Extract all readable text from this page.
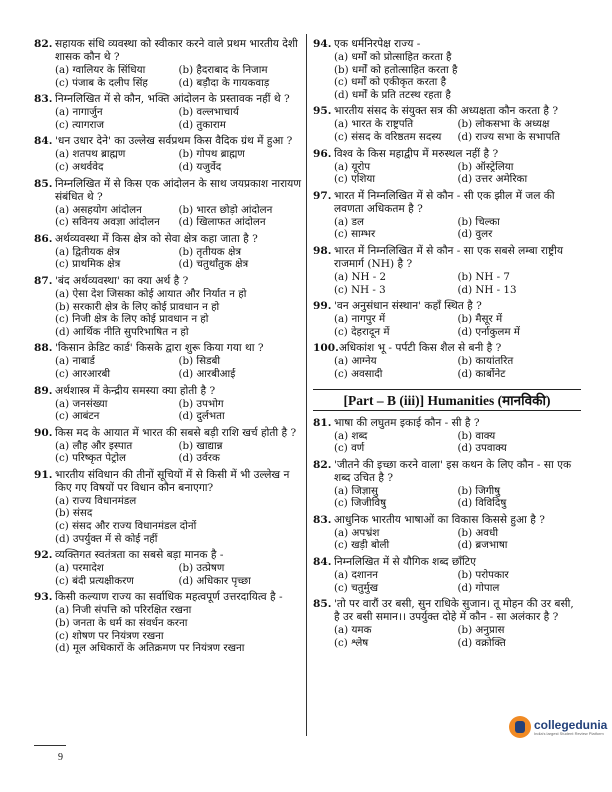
82. सहायक संधि व्यवस्था को स्वीकार करने वाले प्रथम भारतीय देशी शासक कौन थे ?
(a) ग्वालियर के सिंधिया	(b) हैदराबाद के निजाम
(c) पंजाब के दलीप सिंह	(d) बड़ौदा के गायकवाड़
83. निम्नलिखित में से कौन, भक्ति आंदोलन के प्रस्तावक नहीं थे ?
(a) नागार्जुन	(b) वल्लभाचार्य
(c) त्यागराज	(d) तुकाराम
84. 'धन उधार देने' का उल्लेख सर्वप्रथम किस वैदिक ग्रंथ में हुआ ?
(a) शतपथ ब्राह्मण	(b) गोपथ ब्राह्मण
(c) अथर्ववेद	(d) यजुर्वेद
85. निम्नलिखित में से किस एक आंदोलन के साथ जयप्रकाश नारायण संबंधित थे ?
(a) असहयोग आंदोलन	(b) भारत छोड़ो आंदोलन
(c) सविनय अवज्ञा आंदोलन	(d) खिलाफत आंदोलन
86. अर्थव्यवस्था में किस क्षेत्र को सेवा क्षेत्र कहा जाता है ?
(a) द्वितीयक क्षेत्र	(b) तृतीयक क्षेत्र
(c) प्राथमिक क्षेत्र	(d) चतुर्थांतुक क्षेत्र
87. 'बंद अर्थव्यवस्था' का क्या अर्थ है ?
(a) ऐसा देश जिसका कोई आयात और निर्यात न हो
(b) सरकारी क्षेत्र के लिए कोई प्रावधान न हो
(c) निजी क्षेत्र के लिए कोई प्रावधान न हो
(d) आर्थिक नीति सुपरिभाषित न हो
88. 'किसान क्रेडिट कार्ड' किसके द्वारा शुरू किया गया था ?
(a) नाबार्ड	(b) सिडबी
(c) आरआरबी	(d) आरबीआई
89. अर्थशास्त्र में केन्द्रीय समस्या क्या होती है ?
(a) जनसंख्या	(b) उपभोग
(c) आबंटन	(d) दुर्लभता
90. किस मद के आयात में भारत की सबसे बड़ी राशि खर्च होती है ?
(a) लौह और इस्पात	(b) खाद्यान्न
(c) परिष्कृत पेट्रोल	(d) उर्वरक
91. भारतीय संविधान की तीनों सूचियों में से किसी में भी उल्लेख न किए गए विषयों पर विधान कौन बनाएगा?
(a) राज्य विधानमंडल
(b) संसद
(c) संसद और राज्य विधानमंडल दोनों
(d) उपर्युक्त में से कोई नहीं
92. व्यक्तिगत स्वतंत्रता का सबसे बड़ा मानक है -
(a) परमादेश	(b) उत्प्रेषण
(c) बंदी प्रत्यक्षीकरण	(d) अधिकार पृच्छा
93. किसी कल्याण राज्य का सर्वाधिक महत्वपूर्ण उत्तरदायित्व है -
(a) निजी संपत्ति को परिरक्षित रखना
(b) जनता के धर्म का संवर्धन करना
(c) शोषण पर नियंत्रण रखना
(d) मूल अधिकारों के अतिक्रमण पर नियंत्रण रखना
94. एक धर्मनिरपेक्ष राज्य -
(a) धर्मों को प्रोत्साहित करता है
(b) धर्मों को हतोत्साहित करता है
(c) धर्मों को एकीकृत करता है
(d) धर्मों के प्रति तटस्थ रहता है
95. भारतीय संसद के संयुक्त सत्र की अध्यक्षता कौन करता है ?
(a) भारत के राष्ट्रपति	(b) लोकसभा के अध्यक्ष
(c) संसद के वरिष्ठतम सदस्य	(d) राज्य सभा के सभापति
96. विश्व के किस महाद्वीप में मरुस्थल नहीं है ?
(a) यूरोप	(b) ऑस्ट्रेलिया
(c) एशिया	(d) उत्तर अमेरिका
97. भारत में निम्नलिखित में से कौन - सी एक झील में जल की लवणता अधिकतम है ?
(a) डल	(b) चिल्का
(c) साम्भर	(d) वुलर
98. भारत में निम्नलिखित में से कौन - सा एक सबसे लम्बा राष्ट्रीय राजमार्ग (NH) है ?
(a) NH - 2	(b) NH - 7
(c) NH - 3	(d) NH - 13
99. 'वन अनुसंधान संस्थान' कहाँ स्थित है ?
(a) नागपुर में	(b) मैसूर में
(c) देहरादून में	(d) एर्नाकुलम में
100. अधिकांश भू - पर्पटी किस शैल से बनी है ?
(a) आग्नेय	(b) कायांतरित
(c) अवसादी	(d) कार्बोनेट
[Part – B (iii)] Humanities (मानविकी)
81. भाषा की लघुतम इकाई कौन - सी है ?
(a) शब्द	(b) वाक्य
(c) वर्ण	(d) उपवाक्य
82. 'जीतने की इच्छा करने वाला' इस कथन के लिए कौन - सा एक शब्द उचित है ?
(a) जिज्ञासु	(b) जिगीषु
(c) जिजीविषु	(d) विविदिषु
83. आधुनिक भारतीय भाषाओं का विकास किससे हुआ है ?
(a) अपभ्रंश	(b) अवधी
(c) खड़ी बोली	(d) ब्रजभाषा
84. निम्नलिखित में से यौगिक शब्द छाँटिए
(a) दशानन	(b) परोपकार
(c) चतुर्मुख	(d) गोपाल
85. 'तो पर वारौं उर बसी, सुन राधिके सुजान। तू मोहन की उर बसी, है उर बसी समान।। उपर्युक्त दोहे में कौन - सा अलंकार है ?
(a) यमक	(b) अनुप्रास
(c) श्लेष	(d) वक्रोक्ति
collegedunia
India's largest Student Review Platform
9
